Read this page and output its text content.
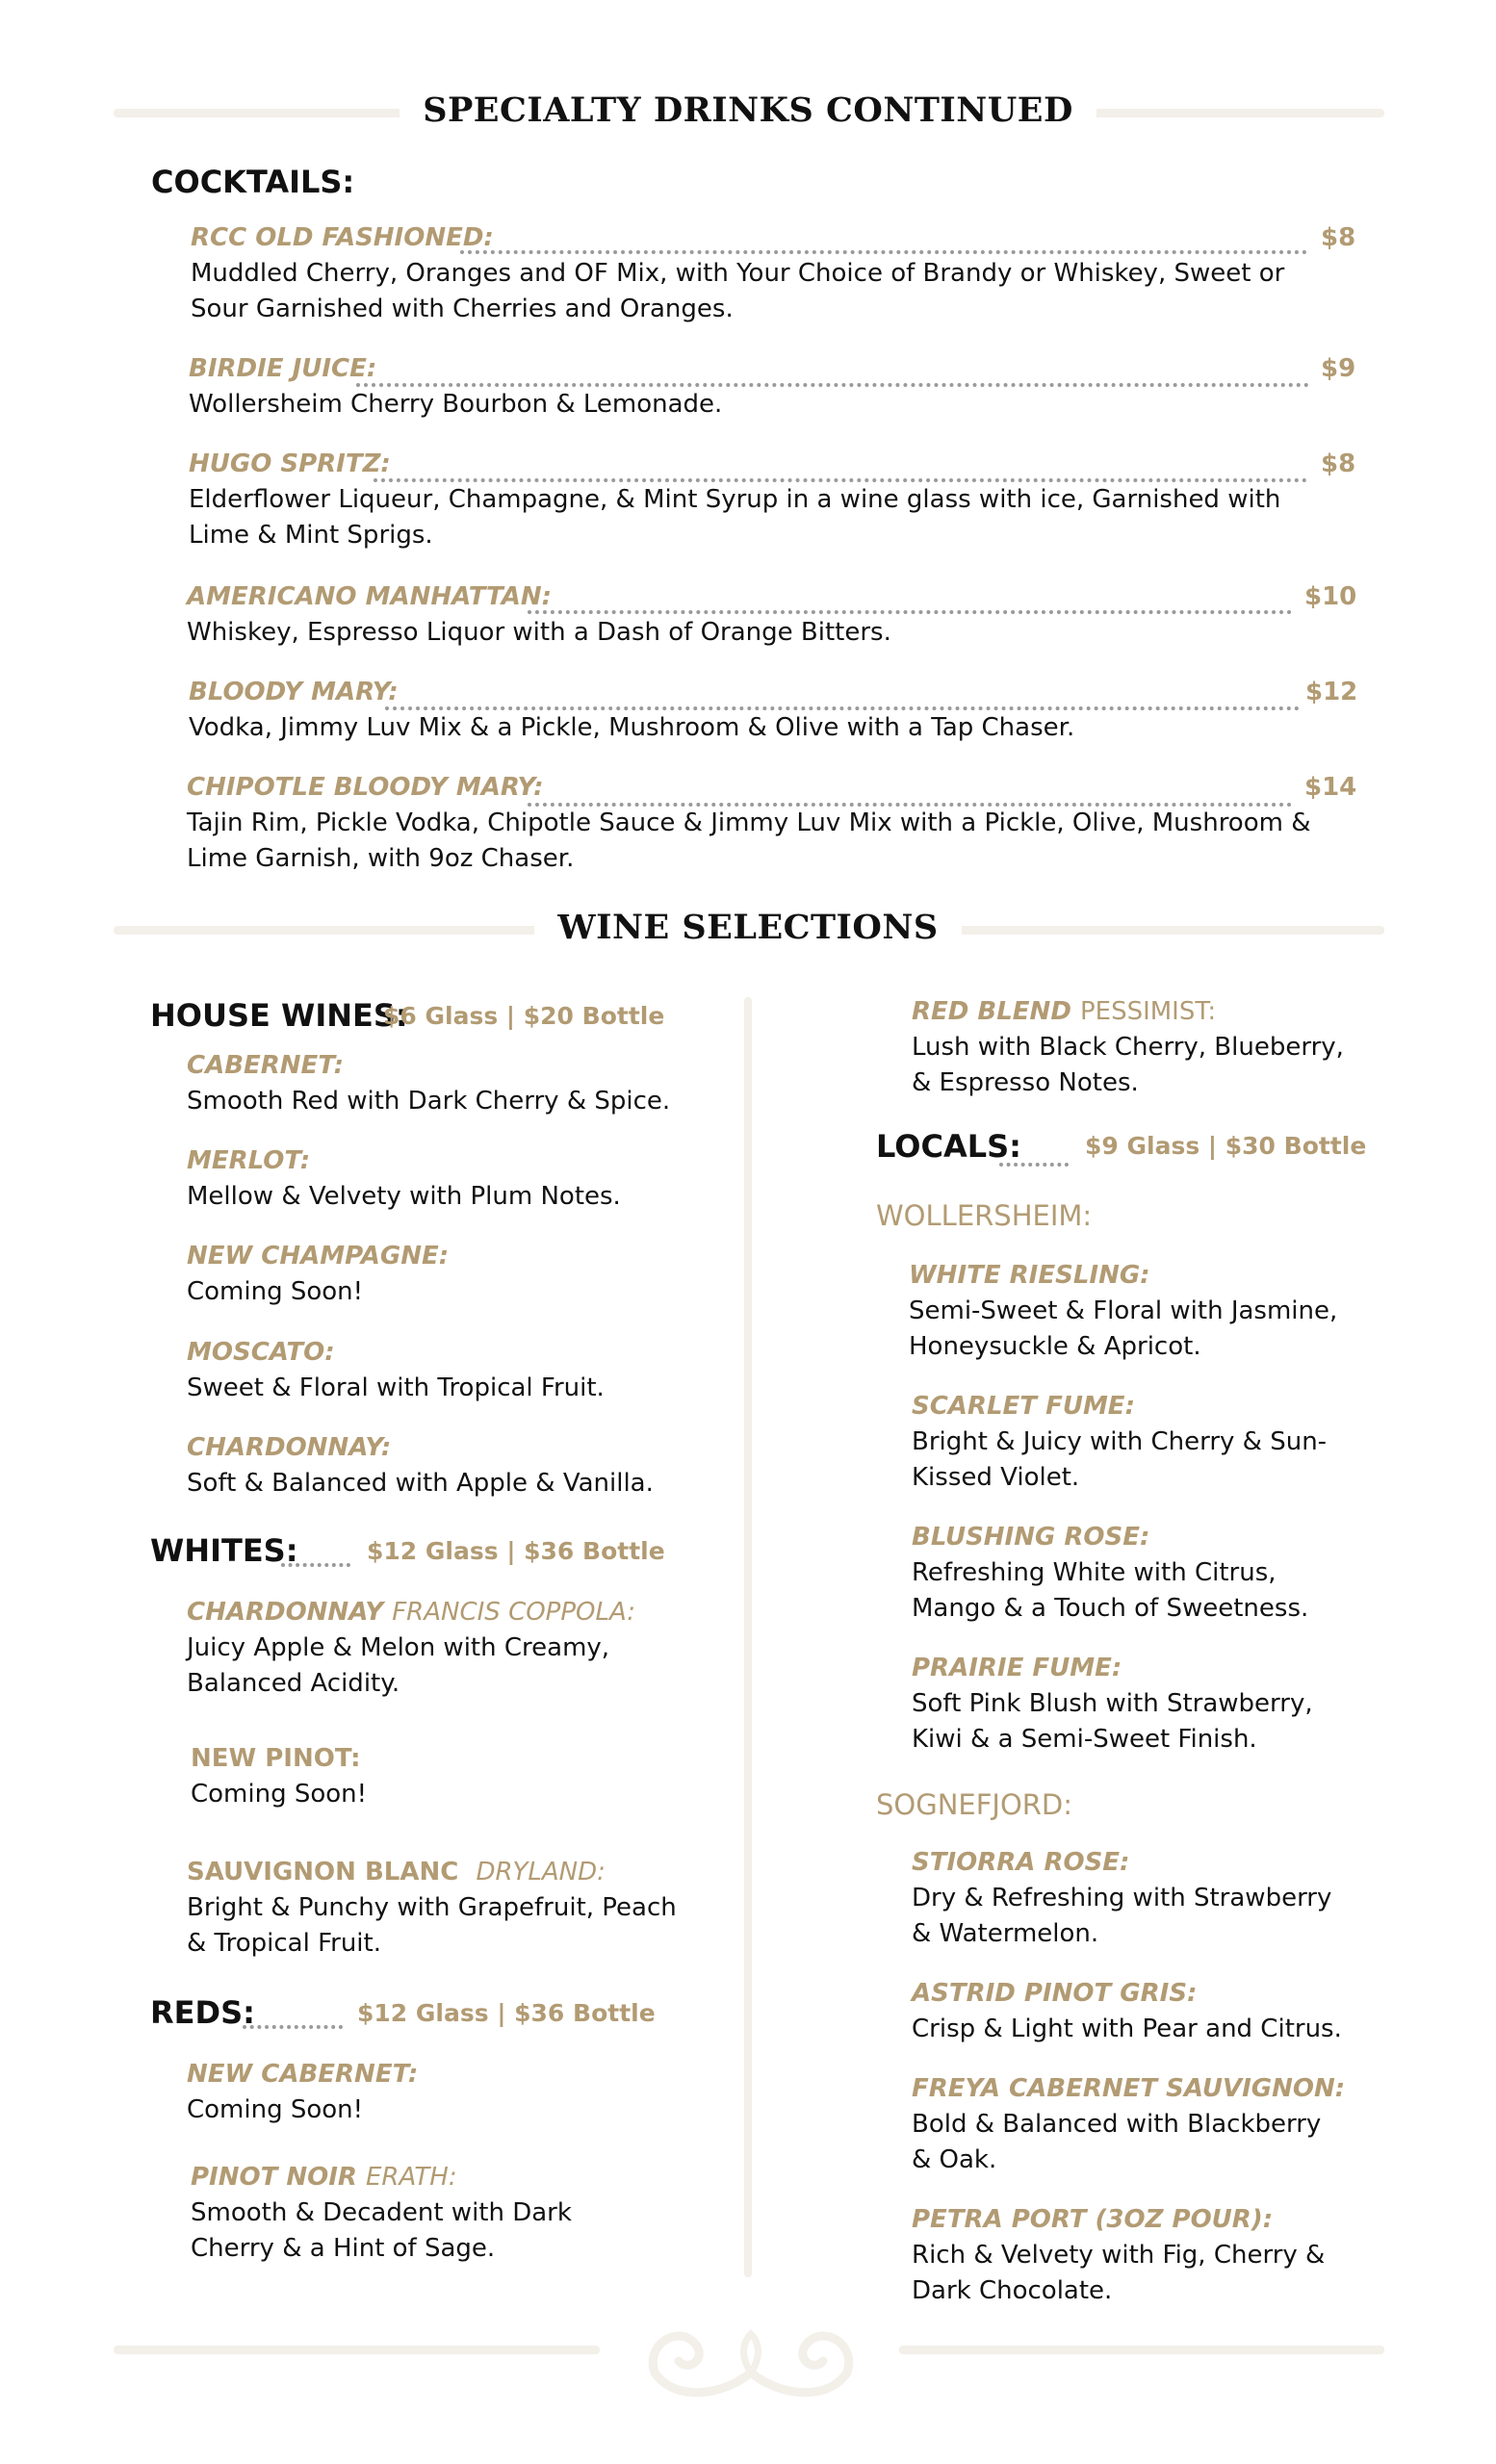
SPECIALTY DRINKS CONTINUED
COCKTAILS:
RCC OLD FASHIONED:
Muddled Cherry, Oranges and OF Mix, with Your Choice of Brandy or Whiskey, Sweet or Sour Garnished with Cherries and Oranges.
$8
BIRDIE JUICE:
Wollersheim Cherry Bourbon & Lemonade.
$9
HUGO SPRITZ:
Elderflower Liqueur, Champagne, & Mint Syrup in a wine glass with ice, Garnished with Lime & Mint Sprigs.
$8
AMERICANO MANHATTAN:
Whiskey, Espresso Liquor with a Dash of Orange Bitters.
$10
BLOODY MARY:
Vodka, Jimmy Luv Mix & a Pickle, Mushroom & Olive with a Tap Chaser.
$12
CHIPOTLE BLOODY MARY:
Tajin Rim, Pickle Vodka, Chipotle Sauce & Jimmy Luv Mix with a Pickle, Olive, Mushroom & Lime Garnish, with 9oz Chaser.
$14
WINE SELECTIONS
HOUSE WINES:
$6 Glass | $20 Bottle
CABERNET:
Smooth Red with Dark Cherry & Spice.
MERLOT:
Mellow & Velvety with Plum Notes.
NEW CHAMPAGNE:
Coming Soon!
MOSCATO:
Sweet & Floral with Tropical Fruit.
CHARDONNAY:
Soft & Balanced with Apple & Vanilla.
WHITES:	$12 Glass | $36 Bottle
CHARDONNAY FRANCIS COPPOLA:
Juicy Apple & Melon with Creamy, Balanced Acidity.
NEW PINOT:
Coming Soon!
SAUVIGNON BLANC DRYLAND:
Bright & Punchy with Grapefruit, Peach & Tropical Fruit.
REDS:	$12 Glass | $36 Bottle
NEW CABERNET:
Coming Soon!
PINOT NOIR ERATH:
Smooth & Decadent with Dark Cherry & a Hint of Sage.
RED BLEND PESSIMIST:
Lush with Black Cherry, Blueberry, & Espresso Notes.
LOCALS:	$9 Glass | $30 Bottle
WOLLERSHEIM:
WHITE RIESLING:
Semi-Sweet & Floral with Jasmine, Honeysuckle & Apricot.
SCARLET FUME:
Bright & Juicy with Cherry & Sun-Kissed Violet.
BLUSHING ROSE:
Refreshing White with Citrus, Mango & a Touch of Sweetness.
PRAIRIE FUME:
Soft Pink Blush with Strawberry, Kiwi & a Semi-Sweet Finish.
SOGNEFJORD:
STIORRA ROSE:
Dry & Refreshing with Strawberry & Watermelon.
ASTRID PINOT GRIS:
Crisp & Light with Pear and Citrus.
FREYA CABERNET SAUVIGNON:
Bold & Balanced with Blackberry & Oak.
PETRA PORT (3OZ POUR):
Rich & Velvety with Fig, Cherry & Dark Chocolate.
